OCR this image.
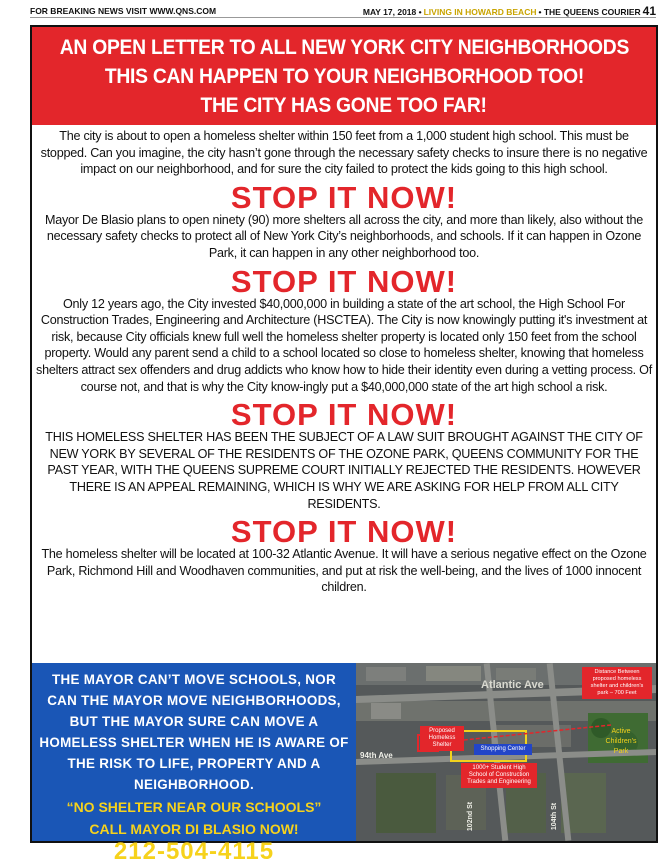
FOR BREAKING NEWS VISIT WWW.QNS.COM	MAY 17, 2018 • LIVING IN HOWARD BEACH • THE QUEENS COURIER 41
AN OPEN LETTER TO ALL NEW YORK CITY NEIGHBORHOODS
THIS CAN HAPPEN TO YOUR NEIGHBORHOOD TOO!
THE CITY HAS GONE TOO FAR!

The city is about to open a homeless shelter within 150 feet from a 1,000 student high school. This must be stopped. Can you imagine, the city hasn’t gone through the necessary safety checks to insure there is no negative impact on our neighborhood, and for sure the city failed to protect the kids going to this high school.

STOP IT NOW!

Mayor De Blasio plans to open ninety (90) more shelters all across the city, and more than likely, also without the necessary safety checks to protect all of New York City’s neighborhoods, and schools. If it can happen in Ozone Park, it can happen in any other neighborhood too.

STOP IT NOW!

Only 12 years ago, the City invested $40,000,000 in building a state of the art school, the High School For Construction Trades, Engineering and Architecture (HSCTEA). The City is now knowingly putting it's investment at risk, because City officials knew full well the homeless shelter property is located only 150 feet from the school property. Would any parent send a child to a school located so close to homeless shelter, knowing that homeless shelters attract sex offenders and drug addicts who know how to hide their identity even during a vetting process. Of course not, and that is why the City know-ingly put a $40,000,000 state of the art high school a risk.

STOP IT NOW!

THIS HOMELESS SHELTER HAS BEEN THE SUBJECT OF A LAW SUIT BROUGHT AGAINST THE CITY OF NEW YORK BY SEVERAL OF THE RESIDENTS OF THE OZONE PARK, QUEENS COMMUNITY FOR THE PAST YEAR, WITH THE QUEENS SUPREME COURT INITIALLY REJECTED THE RESIDENTS. HOWEVER THERE IS AN APPEAL REMAINING, WHICH IS WHY WE ARE ASKING FOR HELP FROM ALL CITY RESIDENTS.

STOP IT NOW!

The homeless shelter will be located at 100-32 Atlantic Avenue. It will have a serious negative effect on the Ozone Park, Richmond Hill and Woodhaven communities, and put at risk the well-being, and the lives of 1000 innocent children.

THE MAYOR CAN’T MOVE SCHOOLS, NOR CAN THE MAYOR MOVE NEIGHBORHOODS, BUT THE MAYOR SURE CAN MOVE A HOMELESS SHELTER WHEN HE IS AWARE OF THE RISK TO LIFE, PROPERTY AND A NEIGHBORHOOD.
“NO SHELTER NEAR OUR SCHOOLS”
CALL MAYOR DI BLASIO NOW!
212-504-4115
Atlantic Ave
94th Ave
102nd St	104th St
Proposed Homeless Shelter
Shopping Center
1000+ Student High School of Construction Trades and Engineering
Active Children's Park
Distance Between proposed homeless shelter and children's park – 700 Feet
